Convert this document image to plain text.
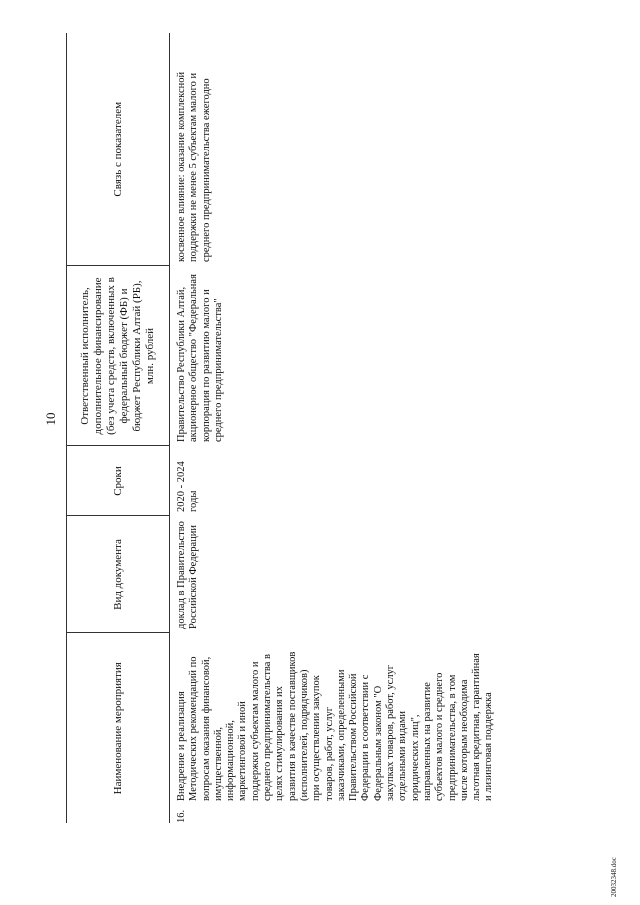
10
Наименование мероприятия	Вид документа	Сроки	Ответственный исполнитель, дополнительное финансирование (без учета средств, включенных в федеральный бюджет (ФБ) и бюджет Республики Алтай (РБ), млн. рублей	Связь с показателем
16.Внедрение и реализация Методических рекомендаций по вопросам оказания финансовой, имущественной, информационной, маркетинговой и иной поддержки субъектам малого и среднего предпринимательства в целях стимулирования их развития в качестве поставщиков (исполнителей, подрядчиков) при осуществлении закупок товаров, работ, услуг заказчиками, определенными Правительством Российской Федерации в соответствии с Федеральным законом "О закупках товаров, работ, услуг отдельными видами юридических лиц", направленных на развитие субъектов малого и среднего предпринимательства, в том числе которым необходима льготная кредитная, гарантийная и лизинговая поддержка	доклад в Правительство Российской Федерации	2020 - 2024 годы	Правительство Республики Алтай, акционерное общество "Федеральная корпорация по развитию малого и среднего предпринимательства"	косвенное влияние: оказание комплексной поддержки не менее 5 субъектам малого и среднего предпринимательства ежегодно
20032348.doc
